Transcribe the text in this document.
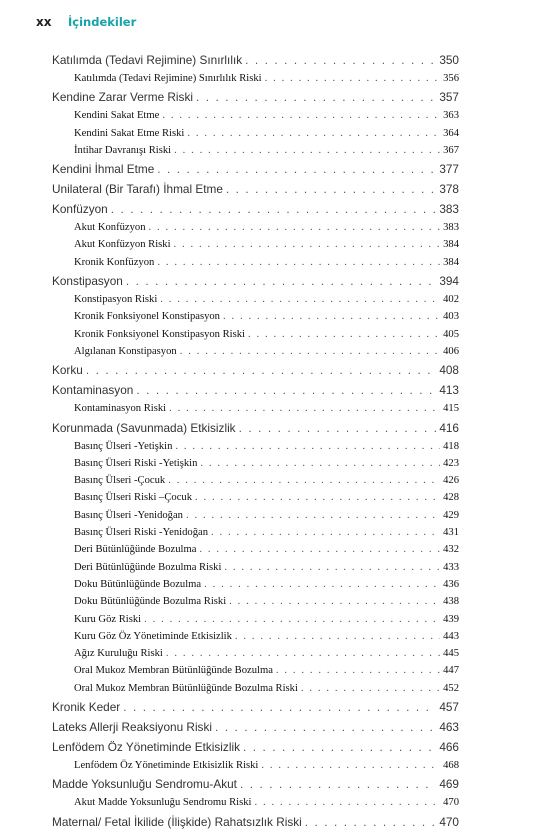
xx	İçindekiler
Katılımda (Tedavi Rejimine) Sınırlılık . . .	350
Katılımda (Tedavi Rejimine) Sınırlılık Riski . . .	356
Kendine Zarar Verme Riski . . .	357
Kendini Sakat Etme . . .	363
Kendini Sakat Etme Riski . . .	364
İntihar Davranışı Riski . . .	367
Kendini İhmal Etme . . .	377
Unilateral (Bir Tarafı) İhmal Etme . . .	378
Konfüzyon . . .	383
Akut Konfüzyon . . .	383
Akut Konfüzyon Riski . . .	384
Kronik Konfüzyon . . .	384
Konstipasyon . . .	394
Konstipasyon Riski . . .	402
Kronik Fonksiyonel Konstipasyon . . .	403
Kronik Fonksiyonel Konstipasyon Riski . . .	405
Algılanan Konstipasyon . . .	406
Korku . . .	408
Kontaminasyon . . .	413
Kontaminasyon Riski . . .	415
Korunmada (Savunmada) Etkisizlik . . .	416
Basınç Ülseri -Yetişkin . . .	418
Basınç Ülseri Riski -Yetişkin . . .	423
Basınç Ülseri -Çocuk . . .	426
Basınç Ülseri Riski –Çocuk . . .	428
Basınç Ülseri -Yenidoğan . . .	429
Basınç Ülseri Riski -Yenidoğan . . .	431
Deri Bütünlüğünde Bozulma . . .	432
Deri Bütünlüğünde Bozulma Riski . . .	433
Doku Bütünlüğünde Bozulma . . .	436
Doku Bütünlüğünde Bozulma Riski . . .	438
Kuru Göz Riski . . .	439
Kuru Göz Öz Yönetiminde Etkisizlik . . .	443
Ağız Kuruluğu Riski . . .	445
Oral Mukoz Membran Bütünlüğünde Bozulma . . .	447
Oral Mukoz Membran Bütünlüğünde Bozulma Riski . . .	452
Kronik Keder . . .	457
Lateks Allerji Reaksiyonu Riski . . .	463
Lenfödem Öz Yönetiminde Etkisizlik . . .	466
Lenfödem Öz Yönetiminde Etkisizlik Riski . . .	468
Madde Yoksunluğu Sendromu-Akut . . .	469
Akut Madde Yoksunluğu Sendromu Riski . . .	470
Maternal/ Fetal İkilide (İlişkide) Rahatsızlık Riski . . .	470
